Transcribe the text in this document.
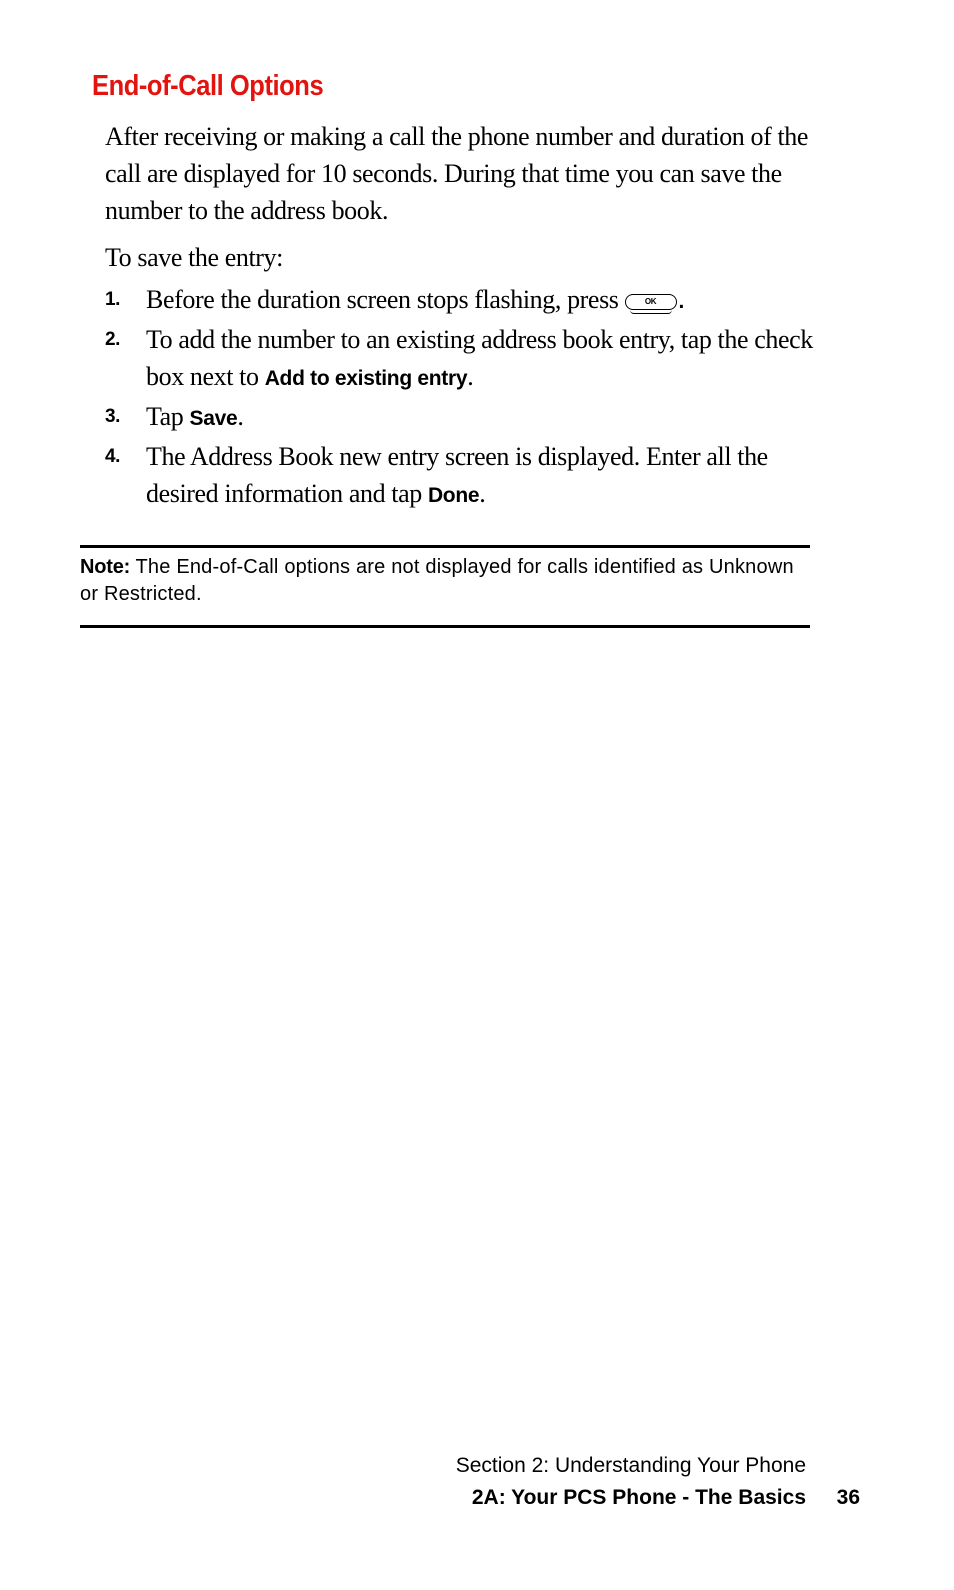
End-of-Call Options

After receiving or making a call the phone number and duration of the call are displayed for 10 seconds. During that time you can save the number to the address book.

To save the entry:

1. Before the duration screen stops flashing, press	OK	.
2. To add the number to an existing address book entry, tap the check box next to Add to existing entry.
3. Tap Save.
4. The Address Book new entry screen is displayed. Enter all the desired information and tap Done.

Note: The End-of-Call options are not displayed for calls identified as Unknown or Restricted.

Section 2: Understanding Your Phone
2A: Your PCS Phone - The Basics 36
